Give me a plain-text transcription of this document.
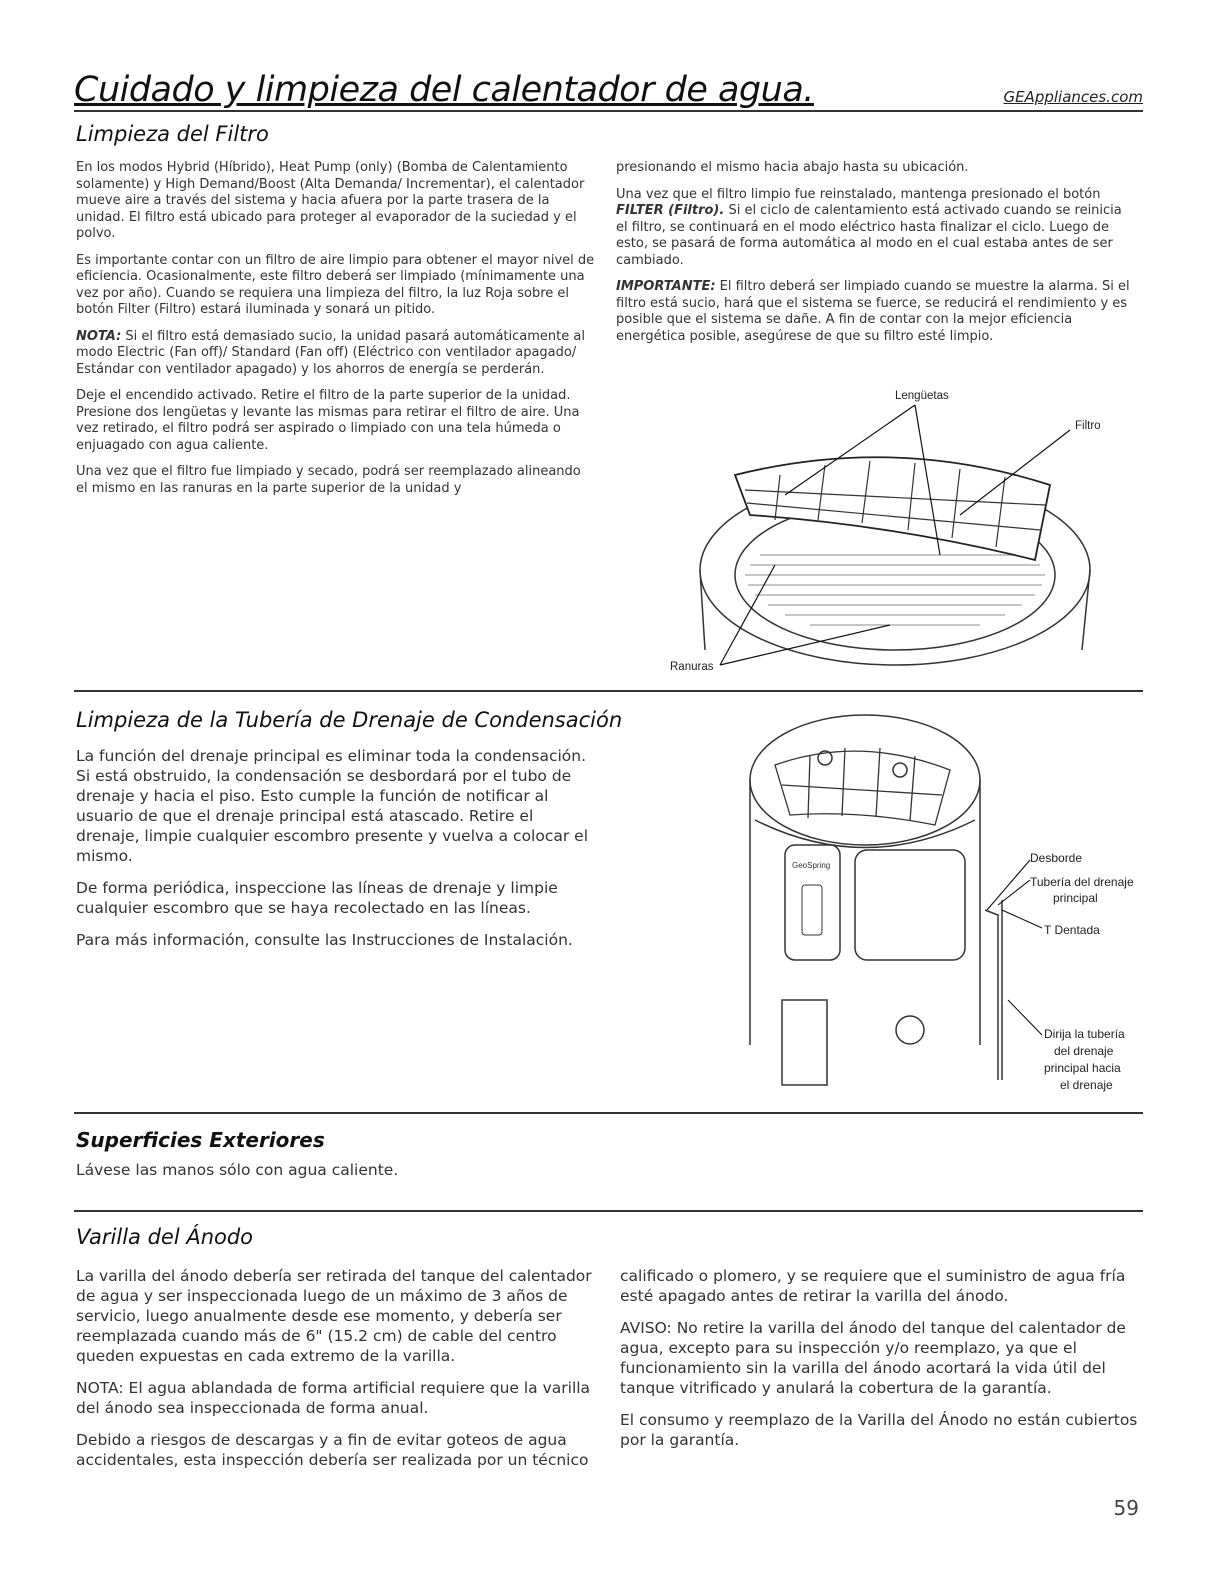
Cuidado y limpieza del calentador de agua.	GEAppliances.com
Limpieza del Filtro

En los modos Hybrid (Híbrido), Heat Pump (only) (Bomba de Calentamiento solamente) y High Demand/Boost (Alta Demanda/ Incrementar), el calentador mueve aire a través del sistema y hacia afuera por la parte trasera de la unidad. El filtro está ubicado para proteger al evaporador de la suciedad y el polvo.

Es importante contar con un filtro de aire limpio para obtener el mayor nivel de eficiencia. Ocasionalmente, este filtro deberá ser limpiado (mínimamente una vez por año). Cuando se requiera una limpieza del filtro, la luz Roja sobre el botón Filter (Filtro) estará iluminada y sonará un pitido.

NOTA: Si el filtro está demasiado sucio, la unidad pasará automáticamente al modo Electric (Fan off)/ Standard (Fan off) (Eléctrico con ventilador apagado/ Estándar con ventilador apagado) y los ahorros de energía se perderán.

Deje el encendido activado. Retire el filtro de la parte superior de la unidad. Presione dos lengüetas y levante las mismas para retirar el filtro de aire. Una vez retirado, el filtro podrá ser aspirado o limpiado con una tela húmeda o enjuagado con agua caliente.

Una vez que el filtro fue limpiado y secado, podrá ser reemplazado alineando el mismo en las ranuras en la parte superior de la unidad y

presionando el mismo hacia abajo hasta su ubicación.

Una vez que el filtro limpio fue reinstalado, mantenga presionado el botón FILTER (Filtro). Si el ciclo de calentamiento está activado cuando se reinicia el filtro, se continuará en el modo eléctrico hasta finalizar el ciclo. Luego de esto, se pasará de forma automática al modo en el cual estaba antes de ser cambiado.

IMPORTANTE: El filtro deberá ser limpiado cuando se muestre la alarma. Si el filtro está sucio, hará que el sistema se fuerce, se reducirá el rendimiento y es posible que el sistema se dañe. A fin de contar con la mejor eficiencia energética posible, asegúrese de que su filtro esté limpio.

Lengüetas
Filtro
Ranuras
Limpieza de la Tubería de Drenaje de Condensación

La función del drenaje principal es eliminar toda la condensación. Si está obstruido, la condensación se desbordará por el tubo de drenaje y hacia el piso. Esto cumple la función de notificar al usuario de que el drenaje principal está atascado. Retire el drenaje, limpie cualquier escombro presente y vuelva a colocar el mismo.

De forma periódica, inspeccione las líneas de drenaje y limpie cualquier escombro que se haya recolectado en las líneas.

Para más información, consulte las Instrucciones de Instalación.

GeoSpring
Desborde
Tubería del drenaje
principal
T Dentada
Dirija la tubería
del drenaje
principal hacia
el drenaje
Superficies Exteriores

Lávese las manos sólo con agua caliente.

Varilla del Ánodo

La varilla del ánodo debería ser retirada del tanque del calentador de agua y ser inspeccionada luego de un máximo de 3 años de servicio, luego anualmente desde ese momento, y debería ser reemplazada cuando más de 6" (15.2 cm) de cable del centro queden expuestas en cada extremo de la varilla.

NOTA: El agua ablandada de forma artificial requiere que la varilla del ánodo sea inspeccionada de forma anual.

Debido a riesgos de descargas y a fin de evitar goteos de agua accidentales, esta inspección debería ser realizada por un técnico

calificado o plomero, y se requiere que el suministro de agua fría esté apagado antes de retirar la varilla del ánodo.

AVISO: No retire la varilla del ánodo del tanque del calentador de agua, excepto para su inspección y/o reemplazo, ya que el funcionamiento sin la varilla del ánodo acortará la vida útil del tanque vitrificado y anulará la cobertura de la garantía.

El consumo y reemplazo de la Varilla del Ánodo no están cubiertos por la garantía.

59
